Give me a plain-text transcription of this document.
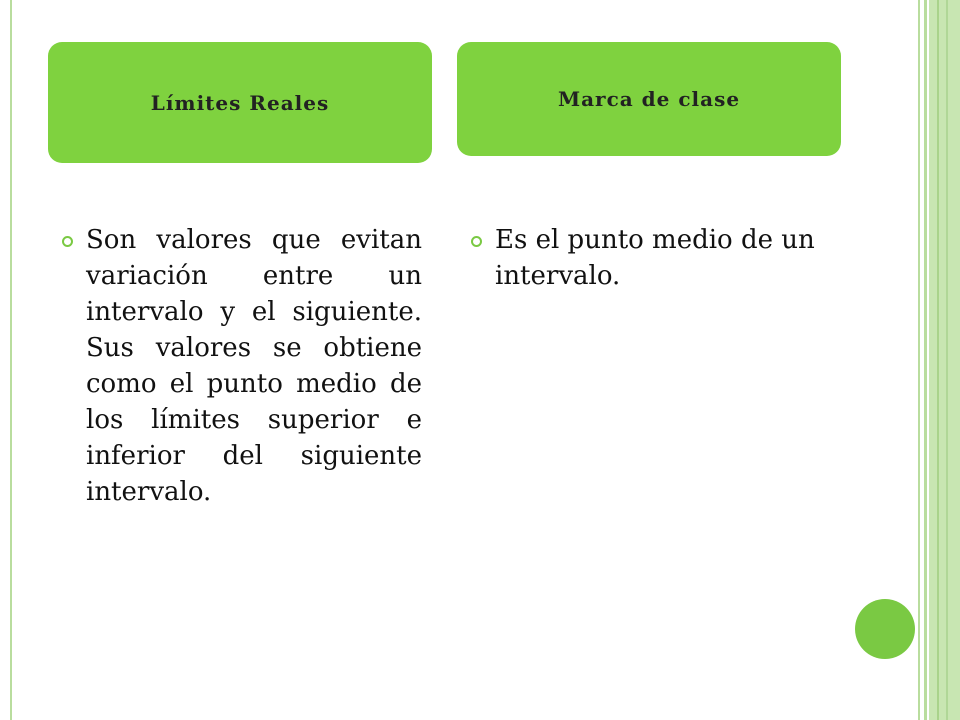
Límites Reales	Marca de clase
Son valores que evitan variación entre un intervalo y el siguiente. Sus valores se obtiene como el punto medio de los límites superior e inferior del siguiente intervalo.
Es el punto medio de un intervalo.
